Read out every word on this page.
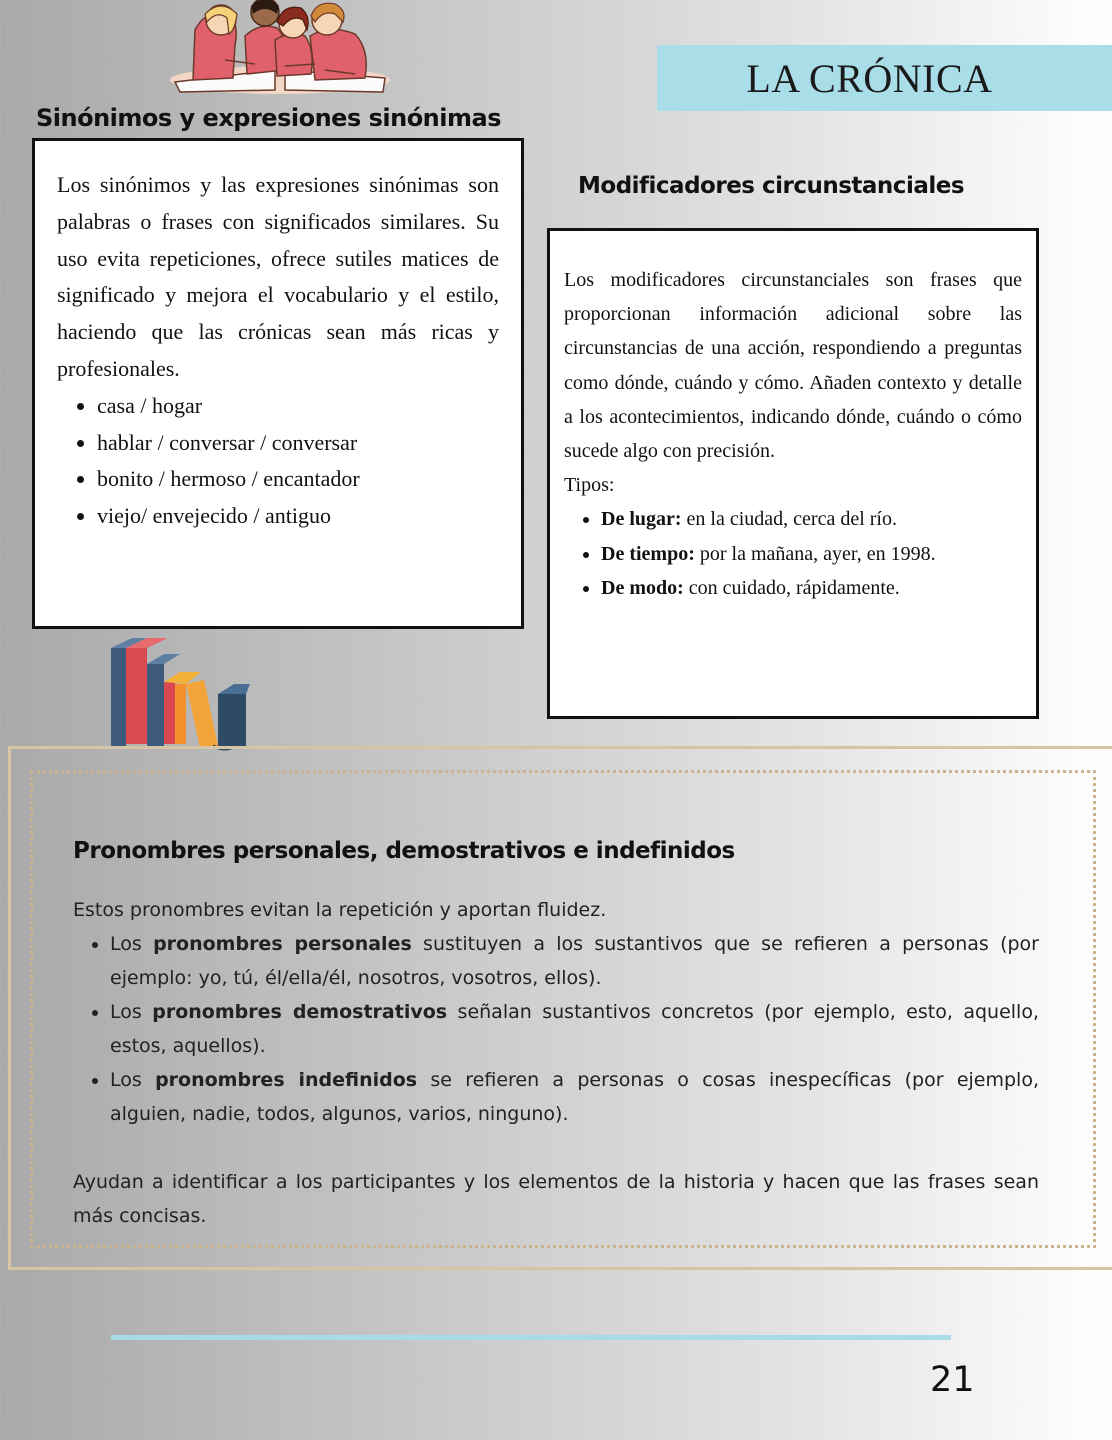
LA CRÓNICA
Sinónimos y expresiones sinónimas

Los sinónimos y las expresiones sinónimas son palabras o frases con significados similares. Su uso evita repeticiones, ofrece sutiles matices de significado y mejora el vocabulario y el estilo, haciendo que las crónicas sean más ricas y profesionales.

• casa / hogar
• hablar / conversar / conversar
• bonito / hermoso / encantador
• viejo/ envejecido / antiguo
Modificadores circunstanciales

Los modificadores circunstanciales son frases que proporcionan información adicional sobre las circunstancias de una acción, respondiendo a preguntas como dónde, cuándo y cómo. Añaden contexto y detalle a los acontecimientos, indicando dónde, cuándo o cómo sucede algo con precisión.

Tipos:

• De lugar: en la ciudad, cerca del río.
• De tiempo: por la mañana, ayer, en 1998.
• De modo: con cuidado, rápidamente.
Pronombres personales, demostrativos e indefinidos

Estos pronombres evitan la repetición y aportan fluidez.

• Los pronombres personales sustituyen a los sustantivos que se refieren a personas (por ejemplo: yo, tú, él/ella/él, nosotros, vosotros, ellos).
• Los pronombres demostrativos señalan sustantivos concretos (por ejemplo, esto, aquello, estos, aquellos).
• Los pronombres indefinidos se refieren a personas o cosas inespecíficas (por ejemplo, alguien, nadie, todos, algunos, varios, ninguno).

Ayudan a identificar a los participantes y los elementos de la historia y hacen que las frases sean más concisas.

21
